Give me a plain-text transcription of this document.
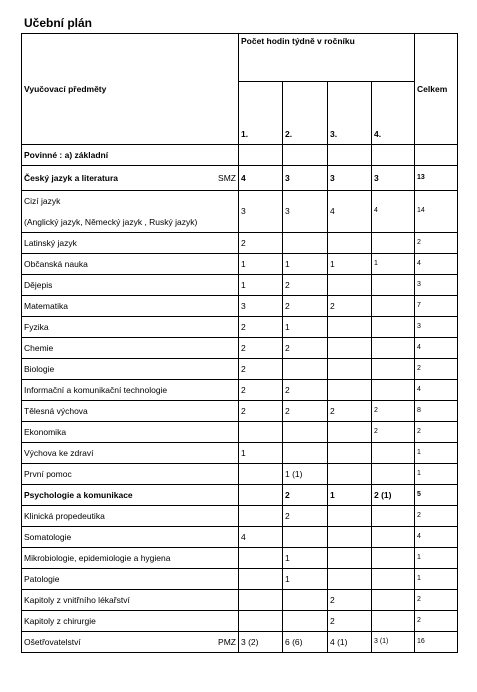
Učební plán
Vyučovací předměty	Počet hodin týdně v ročníku				Celkem
	1.	2.	3.	4.	
Povinné : a) základní					

SMZ
Český jazyk a literatura	4	3	3	3	13
Cizí jazyk

(Anglický jazyk, Německý jazyk , Ruský jazyk)	3	3	4	4	14
Latinský jazyk	2				2
Občanská nauka	1	1	1	1	4
Dějepis	1	2			3
Matematika	3	2	2		7
Fyzika	2	1			3
Chemie	2	2			4
Biologie	2				2
Informační a komunikační technologie	2	2			4
Tělesná výchova	2	2	2	2	8
Ekonomika				2	2
Výchova ke zdraví	1				1
První pomoc		1 (1)			1
Psychologie a komunikace		2	1	2 (1)	5
Klinická propedeutika		2			2
Somatologie	4				4
Mikrobiologie, epidemiologie a hygiena		1			1
Patologie		1			1
Kapitoly z vnitřního lékařství			2		2
Kapitoly z chirurgie			2		2

PMZ
Ošetřovatelství	3 (2)	6 (6)	4 (1)	3 (1)	16
